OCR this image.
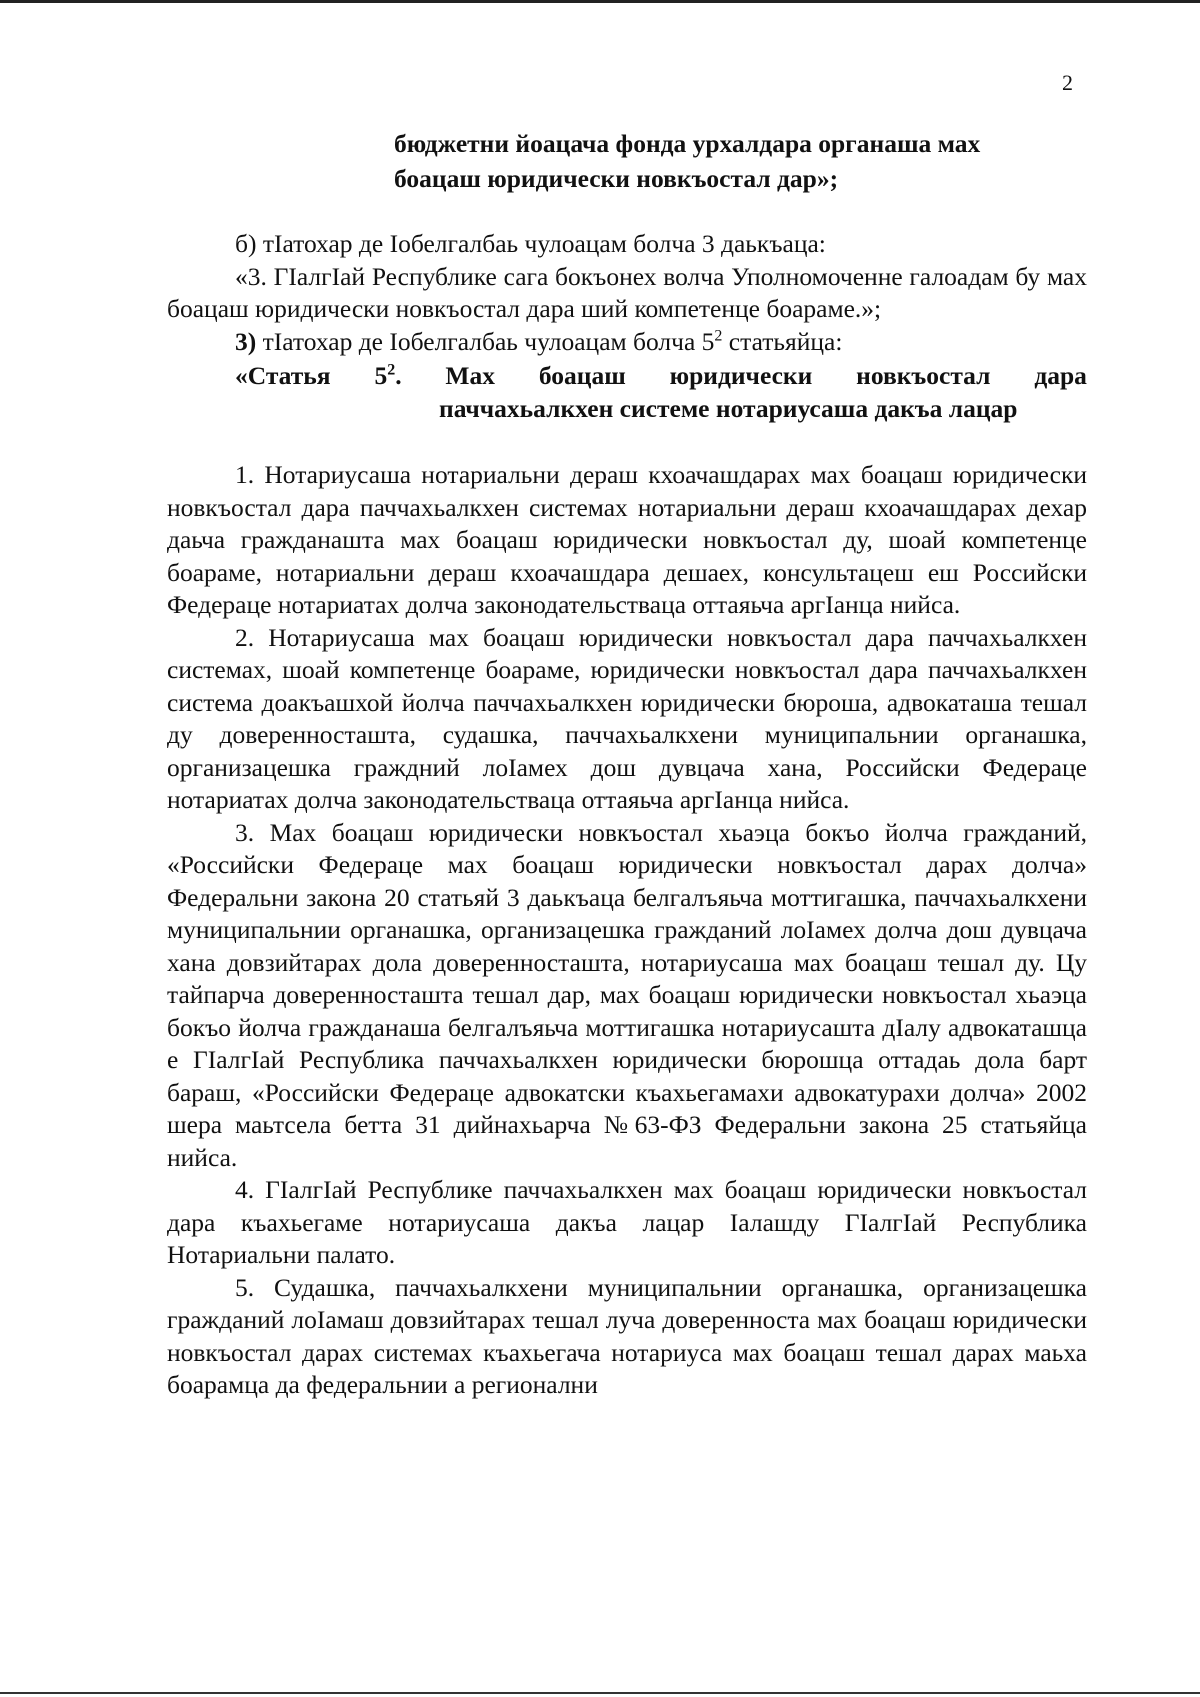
2
бюджетни йоацача фонда урхалдара органаша мах
боацаш юридически новкъостал дар»;

б) тIатохар де Iобелгалбаь чулоацам болча 3 даькъаца:

«3. ГIалгIай Республике сага бокъонех волча Уполномоченне галоадам бу мах боацаш юридически новкъостал дара ший компетенце бoараме.»;

3) тIатохар де Iобелгалбаь чулоацам болча $5^2$ статьяйца:

«Статья $5^2$. Мах боацаш юридически новкъостал дара
паччахьалкхен системе нотариусаша дакъа лацар

1. Нотариусаша нотариальни дераш кхоачашдарах мах боацаш юридически новкъостал дара паччахьалкхен системах нотариальни дераш кхоачашдарах дехар даьча гражданашта мах боацаш юридически новкъостал ду, шоай компетенце бoараме, нотариальни дераш кхоачашдара дешаех, консультацеш еш Российски Федераце нотариатах долча законодательстваца оттаяьча аргIанца нийса.

2. Нотариусаша мах боацаш юридически новкъостал дара паччахьалкхен системах, шоай компетенце бoараме, юридически новкъостал дара паччахьалкхен система доакъашхой йолча паччахьалкхен юридически бюроша, адвокаташа тешал ду доверенносташта, судашка, паччахьалкхени муниципальнии органашка, организацешка граждний лоIамех дош дувцача хана, Российски Федераце нотариатах долча законодательстваца оттаяьча аргIанца нийса.

3. Мах боацаш юридически новкъостал хьаэца бокъо йолча гражданий, «Российски Федераце мах боацаш юридически новкъостал дарах долча» Федеральни закона 20 статьяй 3 даькъаца белгалъяьча моттигашка, паччахьалкхени муниципальнии органашка, организацешка гражданий лоIамех долча дош дувцача хана довзийтарах дола доверенносташта, нотариусаша мах боацаш тешал ду. Цу тайпарча доверенносташта тешал дар, мах боацаш юридически новкъостал хьаэца бокъо йолча гражданаша белгалъяьча моттигашка нотариусашта дIалу адвокаташца е ГIалгIай Республика паччахьалкхен юридически бюрошца оттадаь дола барт бараш, «Российски Федераце адвокатски къахьегамахи адвокатурахи долча» 2002 шера маьтсела бетта 31 дийнахьарча №63-ФЗ Федеральни закона 25 статьяйца нийса.

4. ГIалгIай Республике паччахьалкхен мах боацаш юридически новкъостал дара къахьегаме нотариусаша дакъа лацар Iалашду ГIалгIай Республика Нотариальни палато.

5. Судашка, паччахьалкхени муниципальнии органашка, организацешка гражданий лоIамаш довзийтарах тешал луча доверенноста мах боацаш юридически новкъостал дарах системах къахьегача нотариуса мах боацаш тешал дарах маьха боарамца да федеральнии а регионални
